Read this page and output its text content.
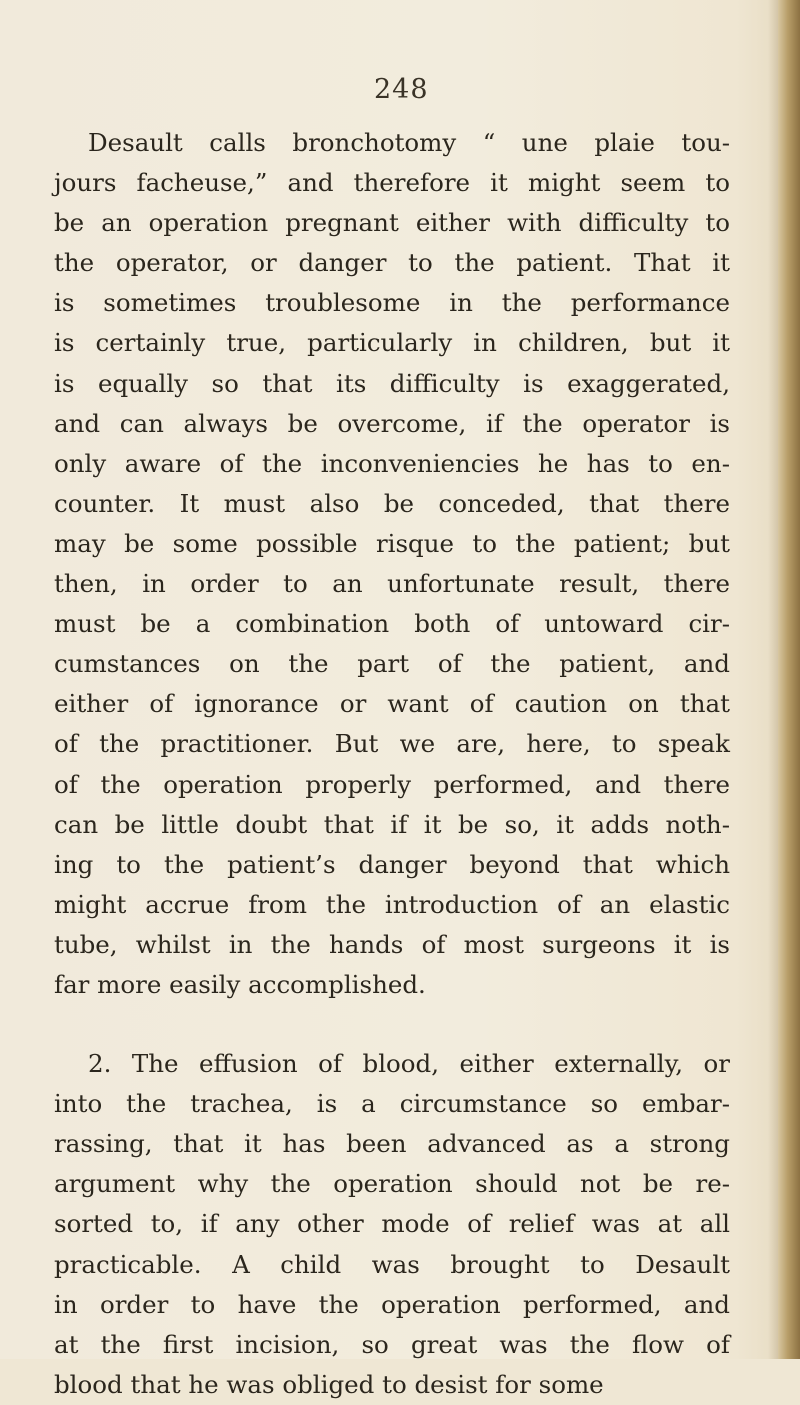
248
Desault calls bronchotomy “ une plaie tou-
jours facheuse,” and therefore it might seem to
be an operation pregnant either with difficulty to
the operator, or danger to the patient. That it
is sometimes troublesome in the performance
is certainly true, particularly in children, but it
is equally so that its difficulty is exaggerated,
and can always be overcome, if the operator is
only aware of the inconveniencies he has to en-
counter. It must also be conceded, that there
may be some possible risque to the patient; but
then, in order to an unfortunate result, there
must be a combination both of untoward cir-
cumstances on the part of the patient, and
either of ignorance or want of caution on that
of the practitioner. But we are, here, to speak
of the operation properly performed, and there
can be little doubt that if it be so, it adds noth-
ing to the patient’s danger beyond that which
might accrue from the introduction of an elastic
tube, whilst in the hands of most surgeons it is
far more easily accomplished.
2. The effusion of blood, either externally, or
into the trachea, is a circumstance so embar-
rassing, that it has been advanced as a strong
argument why the operation should not be re-
sorted to, if any other mode of relief was at all
practicable. A child was brought to Desault
in order to have the operation performed, and
at the first incision, so great was the flow of
blood that he was obliged to desist for some
